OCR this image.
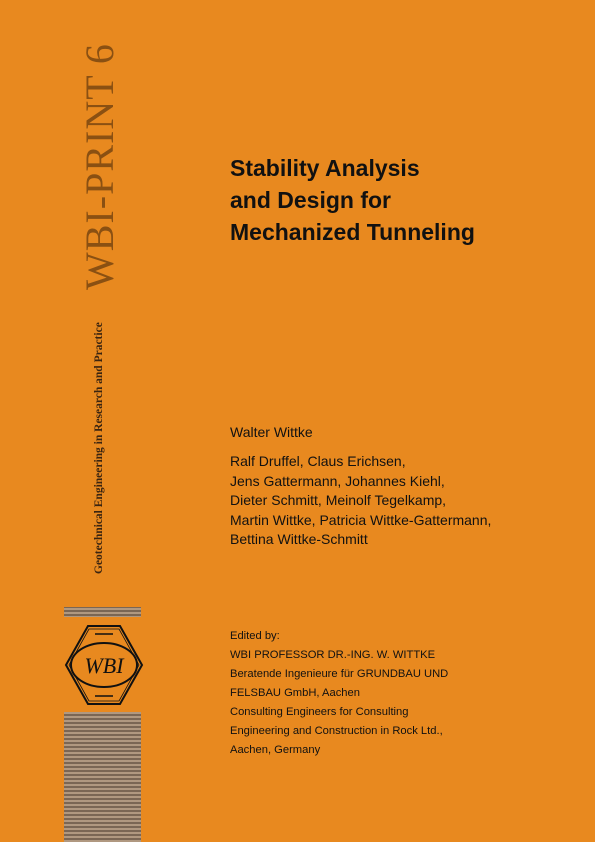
WBI-PRINT 6
Geotechnical Engineering in Research and Practice
WBI
Stability Analysis
and Design for
Mechanized Tunneling
Walter Wittke
Ralf Druffel, Claus Erichsen,
Jens Gattermann, Johannes Kiehl,
Dieter Schmitt, Meinolf Tegelkamp,
Martin Wittke, Patricia Wittke-Gattermann,
Bettina Wittke-Schmitt
Edited by:
WBI PROFESSOR DR.-ING. W. WITTKE
Beratende Ingenieure für GRUNDBAU UND
FELSBAU GmbH, Aachen
Consulting Engineers for Consulting
Engineering and Construction in Rock Ltd.,
Aachen, Germany
